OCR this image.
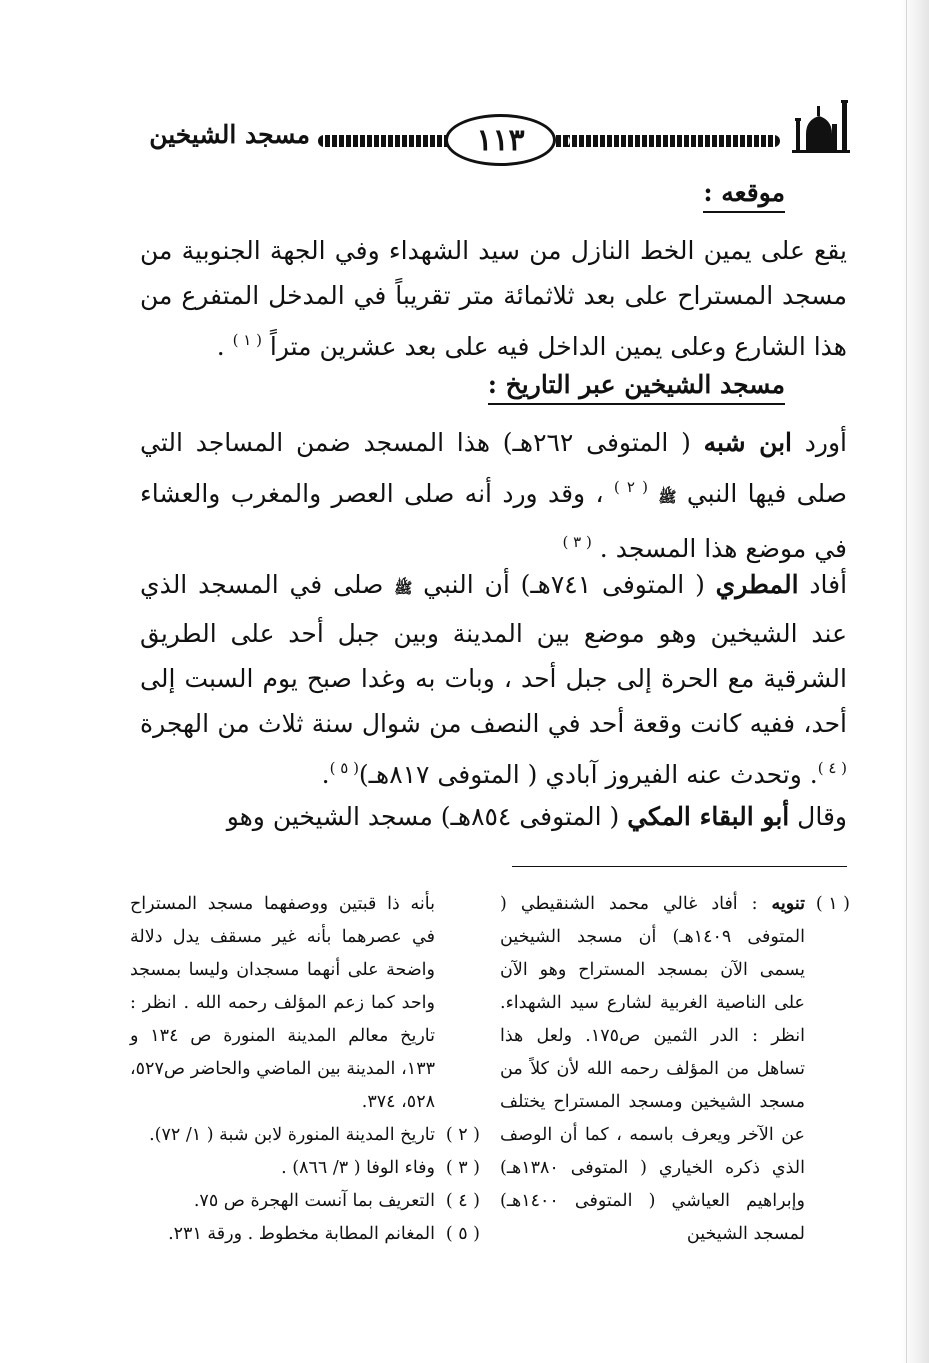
١١٣
مسجد الشيخين
موقعه :
يقع على يمين الخط النازل من سيد الشهداء وفي الجهة الجنوبية من مسجد المستراح على بعد ثلاثمائة متر تقريباً في المدخل المتفرع من هذا الشارع وعلى يمين الداخل فيه على بعد عشرين متراً $^{( ١ )}$ .
مسجد الشيخين عبر التاريخ :
أورد ابن شبه ( المتوفى ٢٦٢هـ) هذا المسجد ضمن المساجد التي صلى فيها النبي ﷺ $^{( ٢ )}$ ، وقد ورد أنه صلى العصر والمغرب والعشاء في موضع هذا المسجد . $^{( ٣ )}$
أفاد المطري ( المتوفى ٧٤١هـ) أن النبي ﷺ صلى في المسجد الذي عند الشيخين وهو موضع بين المدينة وبين جبل أحد على الطريق الشرقية مع الحرة إلى جبل أحد ، وبات به وغدا صبح يوم السبت إلى أحد، ففيه كانت وقعة أحد في النصف من شوال سنة ثلاث من الهجرة $^{( ٤ )}$. وتحدث عنه الفيروز آبادي ( المتوفى ٨١٧هـ)$^{( ٥ )}$.
وقال أبو البقاء المكي ( المتوفى ٨٥٤هـ) مسجد الشيخين وهو
( ١ )
تنويه : أفاد غالي محمد الشنقيطي ( المتوفى ١٤٠٩هـ) أن مسجد الشيخين يسمى الآن بمسجد المستراح وهو الآن على الناصية الغربية لشارع سيد الشهداء. انظر : الدر الثمين ص١٧٥. ولعل هذا تساهل من المؤلف رحمه الله لأن كلاً من مسجد الشيخين ومسجد المستراح يختلف عن الآخر ويعرف باسمه ، كما أن الوصف الذي ذكره الخياري ( المتوفى ١٣٨٠هـ) وإبراهيم العياشي ( المتوفى ١٤٠٠هـ) لمسجد الشيخين
بأنه ذا قبتين ووصفهما مسجد المستراح في عصرهما بأنه غير مسقف يدل دلالة واضحة على أنهما مسجدان وليسا بمسجد واحد كما زعم المؤلف رحمه الله . انظر : تاريخ معالم المدينة المنورة ص ١٣٤ و ١٣٣، المدينة بين الماضي والحاضر ص٥٢٧، ٥٢٨، ٣٧٤.
( ٢ )
تاريخ المدينة المنورة لابن شبة ( ١/ ٧٢).
( ٣ )
وفاء الوفا ( ٣/ ٨٦٦) .
( ٤ )
التعريف بما آنست الهجرة ص ٧٥.
( ٥ )
المغانم المطابة مخطوط . ورقة ٢٣١.
